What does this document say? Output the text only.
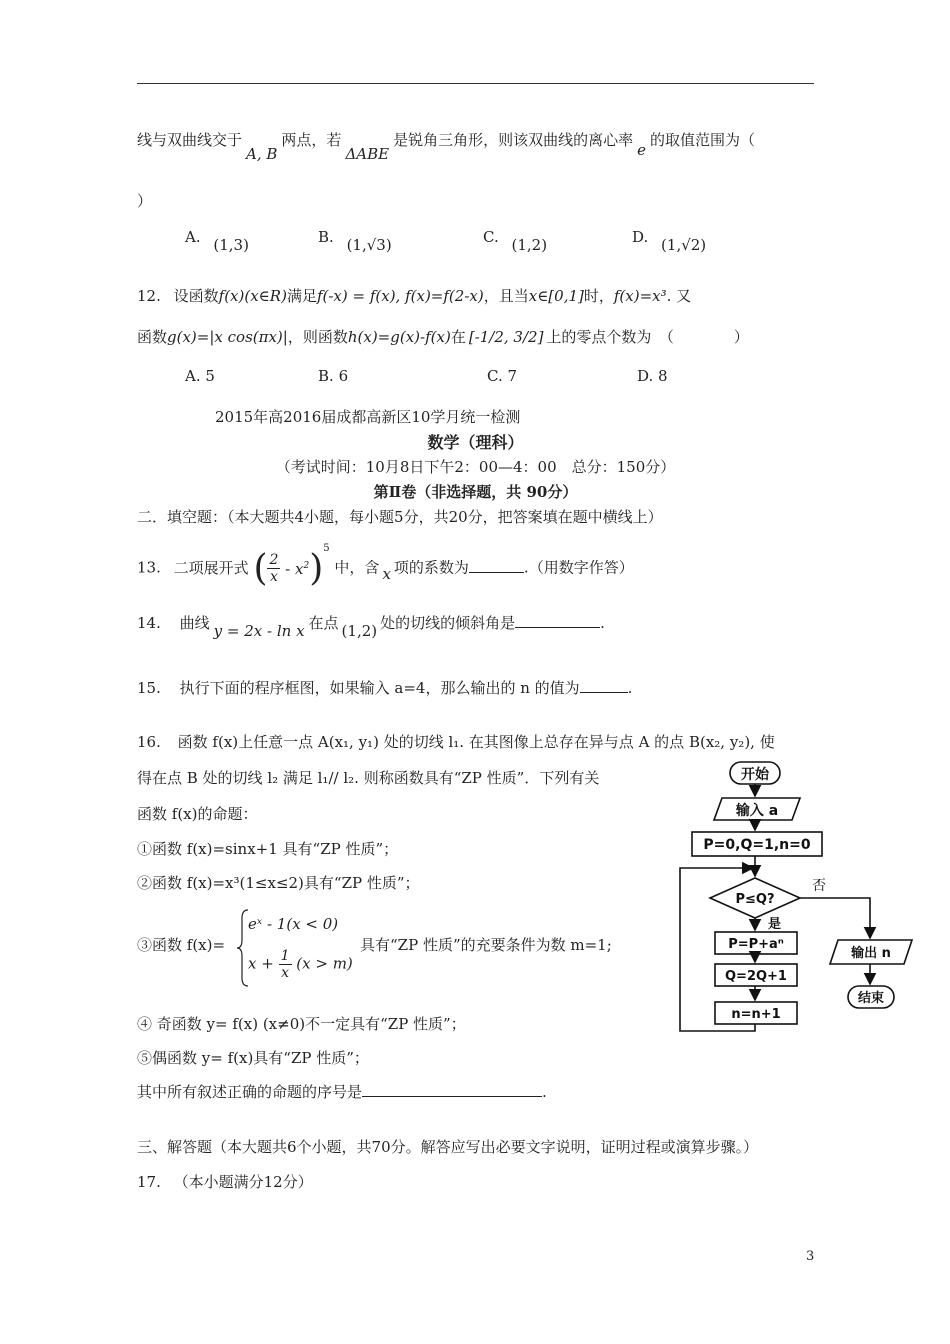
线与双曲线交于A, B两点，若ΔABE是锐角三角形，则该双曲线的离心率e的取值范围为（
）
A. (1,3)	B. (1,√3)	C. (1,2)	D. (1,√2)
12. 设函数f(x)(x∈R)满足f(-x) = f(x), f(x)=f(2-x)，且当x∈[0,1]时，f(x)=x³. 又
函数g(x)=|x cos(πx)|，则函数h(x)=g(x)-f(x)在 [-1/2, 3/2] 上的零点个数为　（　　　　）
A. 5	B. 6	C. 7	D. 8
2015年高2016届成都高新区10学月统一检测
数学（理科）
（考试时间：10月8日下午2：00—4：00　总分：150分）
第Ⅱ卷（非选择题，共 90分）
二．填空题：（本大题共4小题，每小题5分，共20分，把答案填在题中横线上）
13. 二项展开式 ( $\frac{2}{x} - x^2)^5$ 中，含 x 项的系数为	.（用数字作答）
14. 曲线 y = 2x - ln x 在点 (1,2) 处的切线的倾斜角是	.
15. 执行下面的程序框图，如果输入 a=4，那么输出的 n 的值为	.
16. 函数 f(x)上任意一点 A(x₁, y₁) 处的切线 l₁. 在其图像上总存在异与点 A 的点 B(x₂, y₂), 使
得在点 B 处的切线 l₂ 满足 l₁// l₂. 则称函数具有“ZP 性质”．下列有关
函数 f(x)的命题：
①函数 f(x)=sinx+1 具有“ZP 性质”；
②函数 f(x)=x³(1≤x≤2)具有“ZP 性质”；
③函数 f(x)=
eˣ - 1(x < 0)
$x + \frac{1}{x} (x > m)$
具有“ZP 性质”的充要条件为数 m=1;
④ 奇函数 y= f(x) (x≠0)不一定具有“ZP 性质”；
⑤偶函数 y= f(x)具有“ZP 性质”；
其中所有叙述正确的命题的序号是	.
开始
输入 a
P=0,Q=1,n=0
P≤Q?
P=P+aⁿ
Q=2Q+1
n=n+1
输出 n
结束
否
是
三、解答题（本大题共6个小题，共70分。解答应写出必要文字说明，证明过程或演算步骤。）
17. （本小题满分12分）
3
